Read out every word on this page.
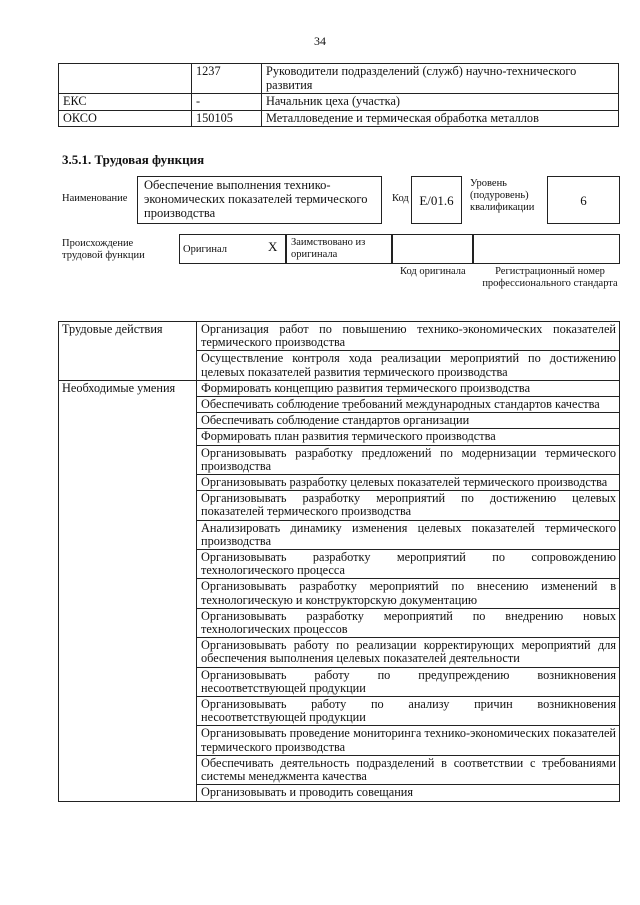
34
	1237	Руководители подразделений (служб) научно-технического развития
ЕКС	-	Начальник цеха (участка)
ОКСО	150105	Металловедение и термическая обработка металлов
3.5.1. Трудовая функция
Наименование
Обеспечение выполнения технико-экономических показателей термического производства
Код E/01.6
Уровень (подуровень) квалификации	6
Происхождение трудовой функции
Оригинал	X Заимствовано из оригинала
Код оригинала	Регистрационный номер профессионального стандарта
Трудовые действия	Организация работ по повышению технико-экономических показателей термического производства
	Осуществление контроля хода реализации мероприятий по достижению целевых показателей развития термического производства
Необходимые умения	Формировать концепцию развития термического производства
	Обеспечивать соблюдение требований международных стандартов качества
	Обеспечивать соблюдение стандартов организации
	Формировать план развития термического производства
	Организовывать разработку предложений по модернизации термического производства
	Организовывать разработку целевых показателей термического производства
	Организовывать разработку мероприятий по достижению целевых показателей термического производства
	Анализировать динамику изменения целевых показателей термического производства
	Организовывать разработку мероприятий по сопровождению технологического процесса
	Организовывать разработку мероприятий по внесению изменений в технологическую и конструкторскую документацию
	Организовывать разработку мероприятий по внедрению новых технологических процессов
	Организовывать работу по реализации корректирующих мероприятий для обеспечения выполнения целевых показателей деятельности
	Организовывать работу по предупреждению возникновения несоответствующей продукции
	Организовывать работу по анализу причин возникновения несоответствующей продукции
	Организовывать проведение мониторинга технико-экономических показателей термического производства
	Обеспечивать деятельность подразделений в соответствии с требованиями системы менеджмента качества
	Организовывать и проводить совещания
